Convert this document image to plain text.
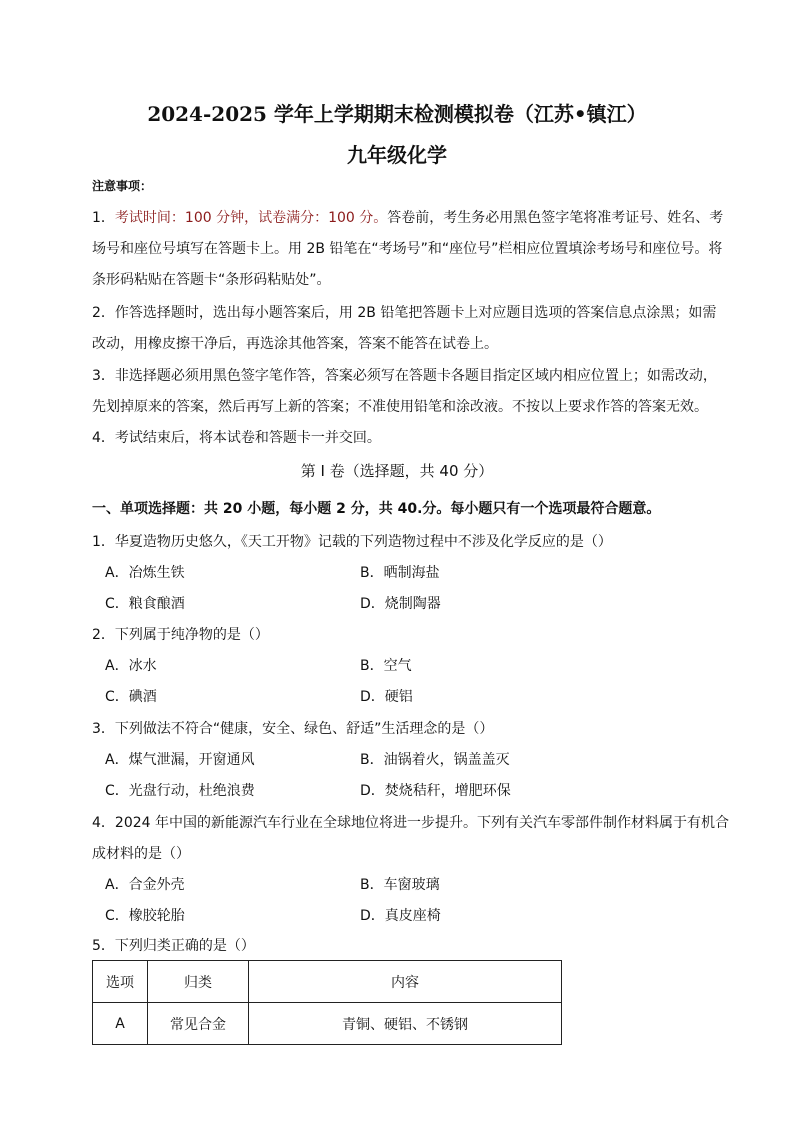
2024-2025 学年上学期期末检测模拟卷（江苏•镇江）
九年级化学
注意事项：
1．考试时间：100 分钟，试卷满分：100 分。答卷前，考生务必用黑色签字笔将准考证号、姓名、考
场号和座位号填写在答题卡上。用 2B 铅笔在“考场号”和“座位号”栏相应位置填涂考场号和座位号。将
条形码粘贴在答题卡“条形码粘贴处”。
2．作答选择题时，选出每小题答案后，用 2B 铅笔把答题卡上对应题目选项的答案信息点涂黑；如需
改动，用橡皮擦干净后，再选涂其他答案，答案不能答在试卷上。
3．非选择题必须用黑色签字笔作答，答案必须写在答题卡各题目指定区域内相应位置上；如需改动，
先划掉原来的答案，然后再写上新的答案；不准使用铅笔和涂改液。不按以上要求作答的答案无效。
4．考试结束后，将本试卷和答题卡一并交回。
第 I 卷（选择题，共 40 分）
一、单项选择题：共 20 小题，每小题 2 分，共 40.分。每小题只有一个选项最符合题意。
1．华夏造物历史悠久，《天工开物》记载的下列造物过程中不涉及化学反应的是（）
A．冶炼生铁	B．晒制海盐
C．粮食酿酒	D．烧制陶器
2．下列属于纯净物的是（）
A．冰水	B．空气
C．碘酒	D．硬铝
3．下列做法不符合“健康，安全、绿色、舒适”生活理念的是（）
A．煤气泄漏，开窗通风	B．油锅着火，锅盖盖灭
C．光盘行动，杜绝浪费	D．焚烧秸秆，增肥环保
4．2024 年中国的新能源汽车行业在全球地位将进一步提升。下列有关汽车零部件制作材料属于有机合
成材料的是（）
A．合金外壳	B．车窗玻璃
C．橡胶轮胎	D．真皮座椅
5．下列归类正确的是（）
选项	归类	内容
A	常见合金	青铜、硬铝、不锈钢
